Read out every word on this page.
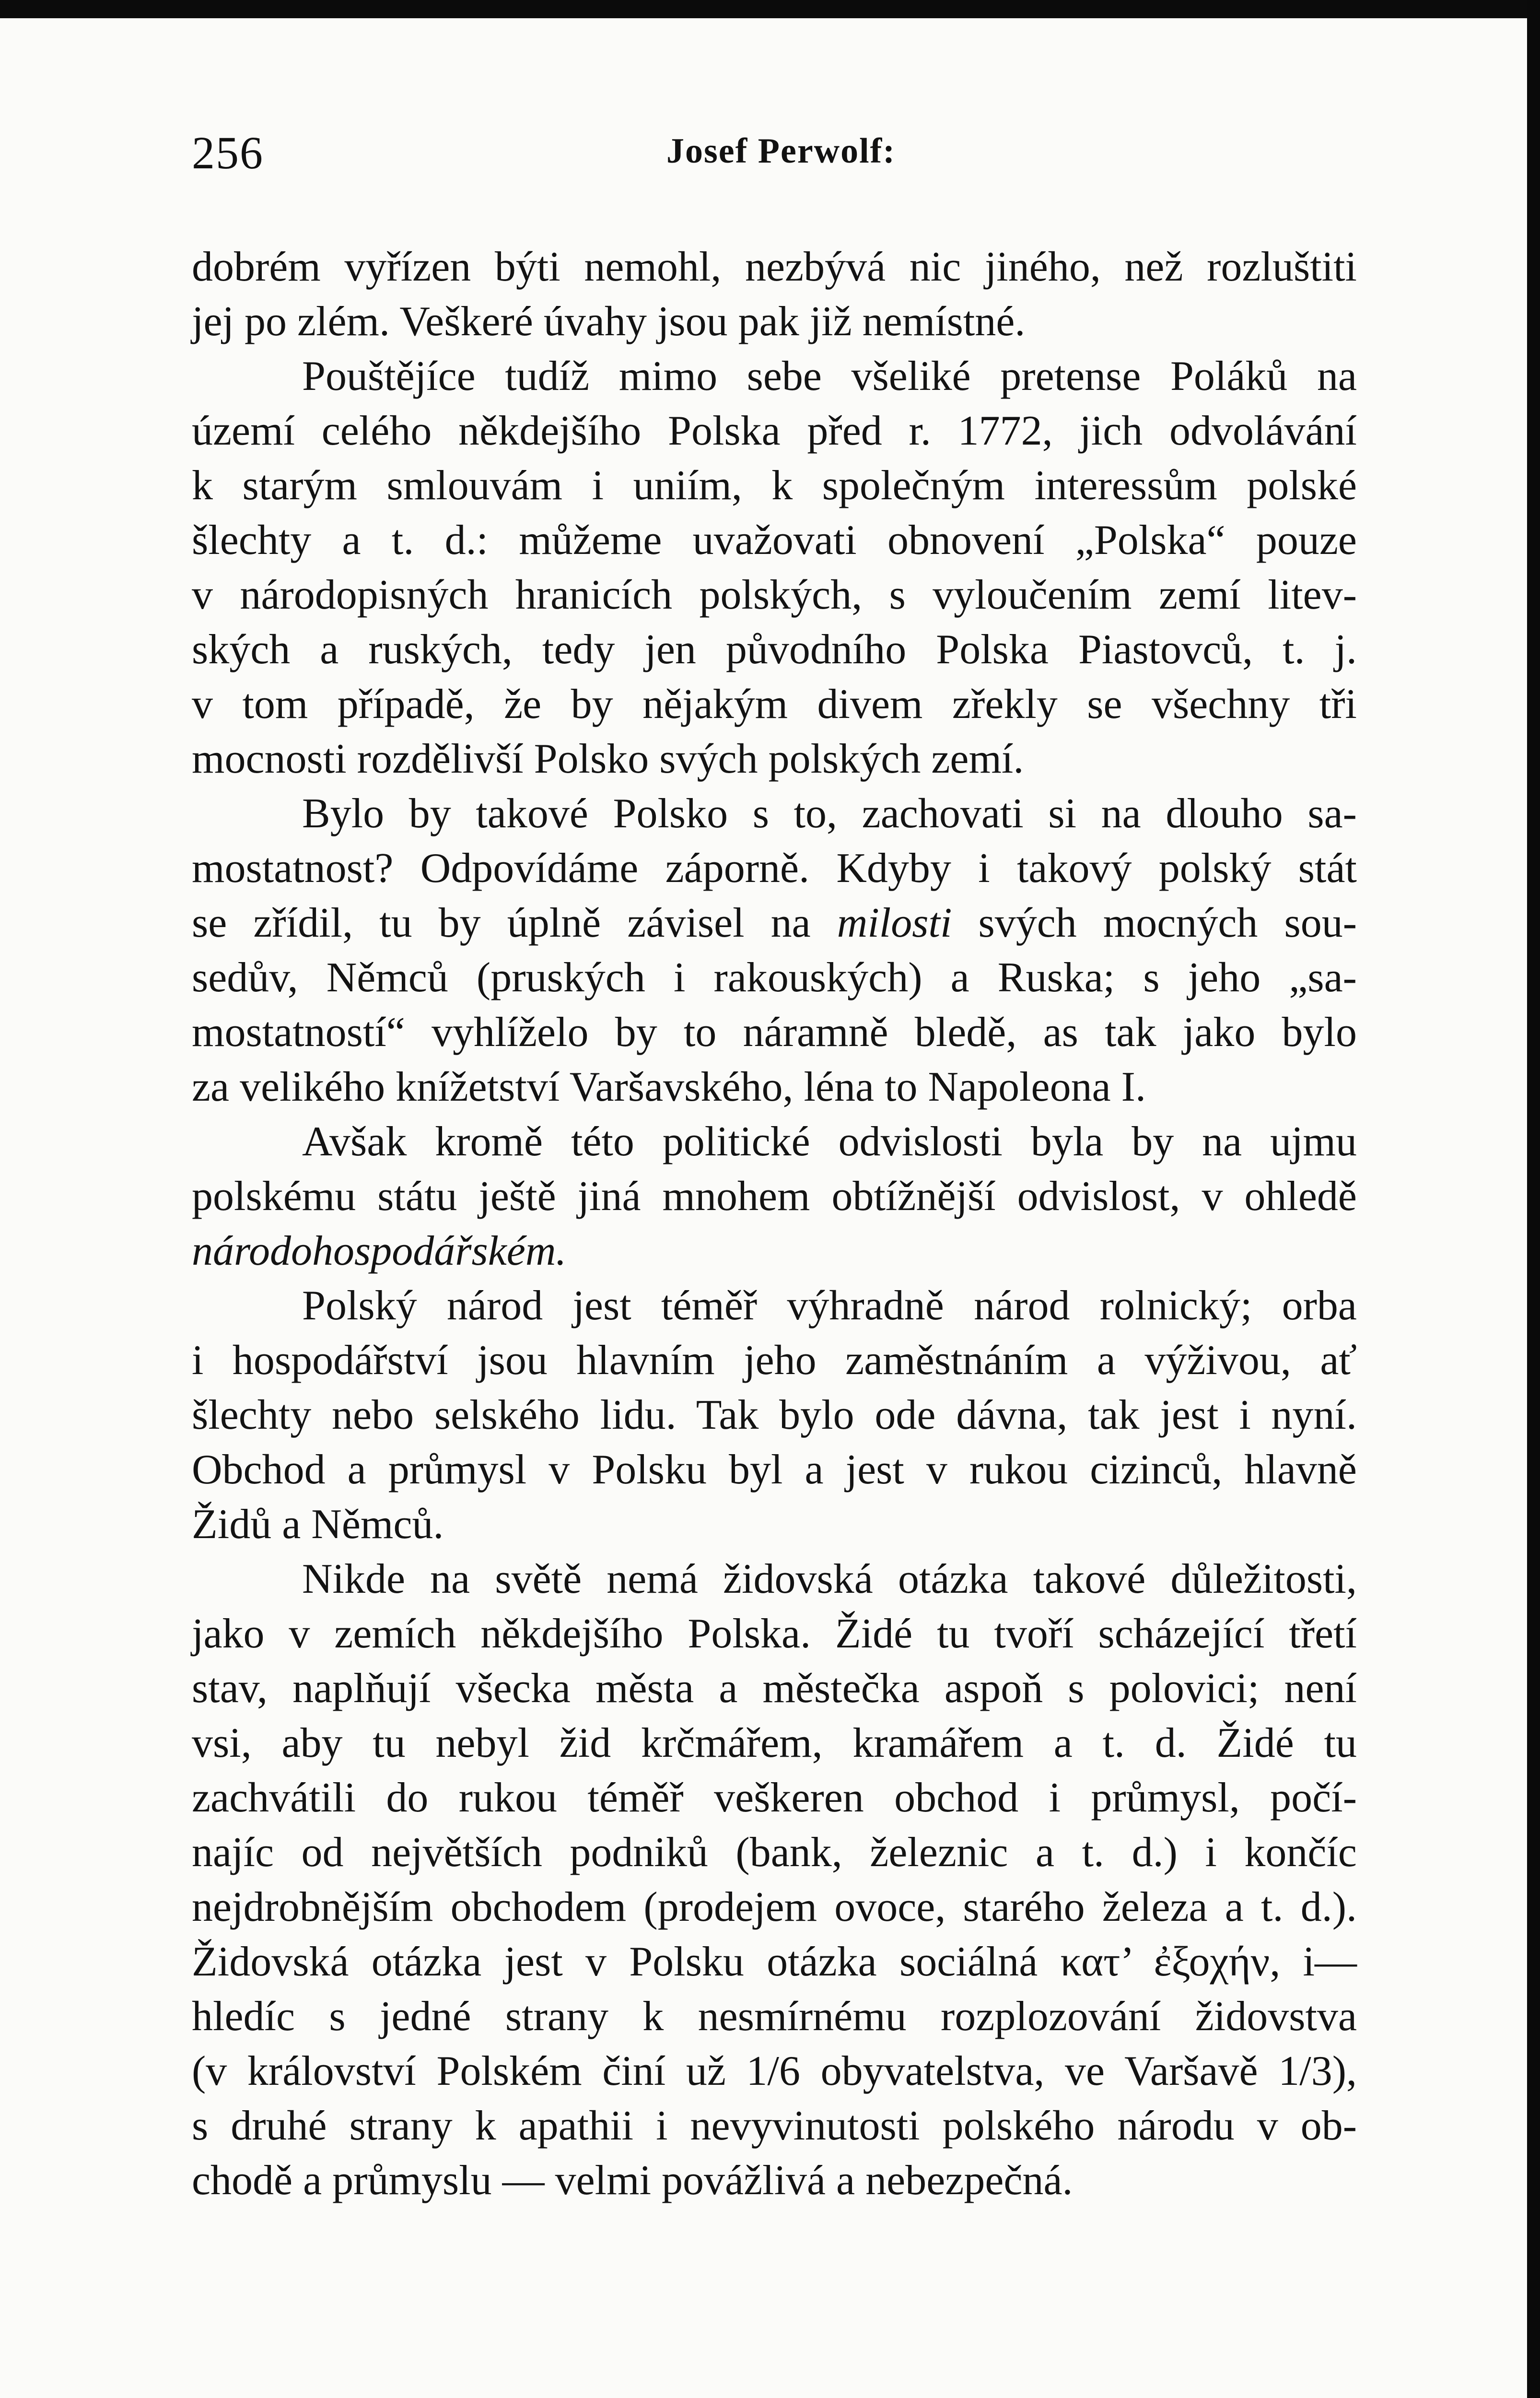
256	Josef Perwolf:
dobrém vyřízen býti nemohl, nezbývá nic jiného, než rozluštiti
jej po zlém. Veškeré úvahy jsou pak již nemístné.
Pouštějíce tudíž mimo sebe všeliké pretense Poláků na
území celého někdejšího Polska před r. 1772, jich odvolávání
k starým smlouvám i uniím, k společným interessům polské
šlechty a t. d.: můžeme uvažovati obnovení „Polska“ pouze
v národopisných hranicích polských, s vyloučením zemí litev-
ských a ruských, tedy jen původního Polska Piastovců, t. j.
v tom případě, že by nějakým divem zřekly se všechny tři
mocnosti rozdělivší Polsko svých polských zemí.
Bylo by takové Polsko s to, zachovati si na dlouho sa-
mostatnost? Odpovídáme záporně. Kdyby i takový polský stát
se zřídil, tu by úplně závisel na milosti svých mocných sou-
sedův, Němců (pruských i rakouských) a Ruska; s jeho „sa-
mostatností“ vyhlíželo by to náramně bledě, as tak jako bylo
za velikého knížetství Varšavského, léna to Napoleona I.
Avšak kromě této politické odvislosti byla by na ujmu
polskému státu ještě jiná mnohem obtížnější odvislost, v ohledě
národohospodářském.
Polský národ jest téměř výhradně národ rolnický; orba
i hospodářství jsou hlavním jeho zaměstnáním a výživou, ať
šlechty nebo selského lidu. Tak bylo ode dávna, tak jest i nyní.
Obchod a průmysl v Polsku byl a jest v rukou cizinců, hlavně
Židů a Němců.
Nikde na světě nemá židovská otázka takové důležitosti,
jako v zemích někdejšího Polska. Židé tu tvoří scházející třetí
stav, naplňují všecka města a městečka aspoň s polovici; není
vsi, aby tu nebyl žid krčmářem, kramářem a t. d. Židé tu
zachvátili do rukou téměř veškeren obchod i průmysl, počí-
najíc od největších podniků (bank, železnic a t. d.) i končíc
nejdrobnějším obchodem (prodejem ovoce, starého železa a t. d.).
Židovská otázka jest v Polsku otázka sociálná κατ’ ἐξοχήν, i—
hledíc s jedné strany k nesmírnému rozplozování židovstva
(v království Polském činí už 1/6 obyvatelstva, ve Varšavě 1/3),
s druhé strany k apathii i nevyvinutosti polského národu v ob-
chodě a průmyslu — velmi povážlivá a nebezpečná.
